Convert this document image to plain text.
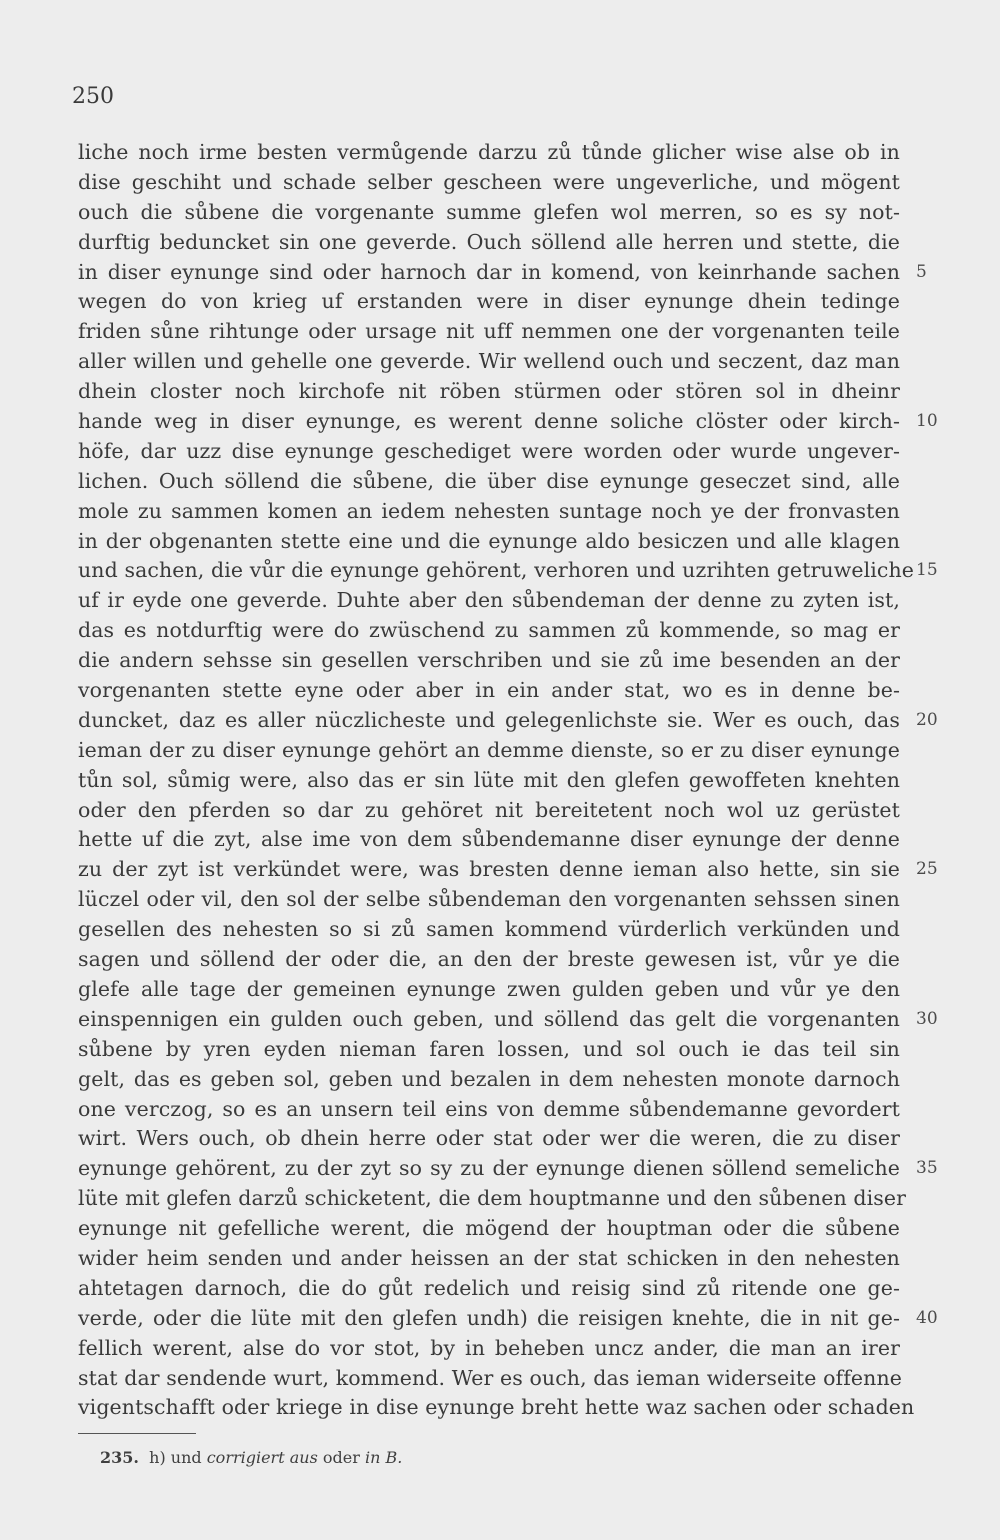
250
liche noch irme besten vermůgende darzu zů tůnde glicher wise alse ob in
dise geschiht und schade selber gescheen were ungeverliche, und mögent
ouch die sůbene die vorgenante summe glefen wol merren, so es sy not-
durftig beduncket sin one geverde. Ouch söllend alle herren und stette, die
in diser eynunge sind oder harnoch dar in komend, von keinrhande sachen 5
wegen do von krieg uf erstanden were in diser eynunge dhein tedinge
friden sůne rihtunge oder ursage nit uff nemmen one der vorgenanten teile
aller willen und gehelle one geverde. Wir wellend ouch und seczent, daz man
dhein closter noch kirchofe nit röben stürmen oder stören sol in dheinr
hande weg in diser eynunge, es werent denne soliche clöster oder kirch- 10
höfe, dar uzz dise eynunge geschediget were worden oder wurde ungever-
lichen. Ouch söllend die sůbene, die über dise eynunge geseczet sind, alle
mole zu sammen komen an iedem nehesten suntage noch ye der fronvasten
in der obgenanten stette eine und die eynunge aldo besiczen und alle klagen
und sachen, die vůr die eynunge gehörent, verhoren und uzrihten getruweliche 15
uf ir eyde one geverde. Duhte aber den sůbendeman der denne zu zyten ist,
das es notdurftig were do zwüschend zu sammen zů kommende, so mag er
die andern sehsse sin gesellen verschriben und sie zů ime besenden an der
vorgenanten stette eyne oder aber in ein ander stat, wo es in denne be-
duncket, daz es aller nüczlicheste und gelegenlichste sie. Wer es ouch, das 20
ieman der zu diser eynunge gehört an demme dienste, so er zu diser eynunge
tůn sol, sůmig were, also das er sin lüte mit den glefen gewoffeten knehten
oder den pferden so dar zu gehöret nit bereitetent noch wol uz gerüstet
hette uf die zyt, alse ime von dem sůbendemanne diser eynunge der denne
zu der zyt ist verkündet were, was bresten denne ieman also hette, sin sie 25
lüczel oder vil, den sol der selbe sůbendeman den vorgenanten sehssen sinen
gesellen des nehesten so si zů samen kommend vürderlich verkünden und
sagen und söllend der oder die, an den der breste gewesen ist, vůr ye die
glefe alle tage der gemeinen eynunge zwen gulden geben und vůr ye den
einspennigen ein gulden ouch geben, und söllend das gelt die vorgenanten 30
sůbene by yren eyden nieman faren lossen, und sol ouch ie das teil sin
gelt, das es geben sol, geben und bezalen in dem nehesten monote darnoch
one verczog, so es an unsern teil eins von demme sůbendemanne gevordert
wirt. Wers ouch, ob dhein herre oder stat oder wer die weren, die zu diser
eynunge gehörent, zu der zyt so sy zu der eynunge dienen söllend semeliche 35
lüte mit glefen darzů schicketent, die dem houptmanne und den sůbenen diser
eynunge nit gefelliche werent, die mögend der houptman oder die sůbene
wider heim senden und ander heissen an der stat schicken in den nehesten
ahtetagen darnoch, die do gůt redelich und reisig sind zů ritende one ge-
verde, oder die lüte mit den glefen undh) die reisigen knehte, die in nit ge- 40
fellich werent, alse do vor stot, by in beheben uncz ander, die man an irer
stat dar sendende wurt, kommend. Wer es ouch, das ieman widerseite offenne
vigentschafft oder kriege in dise eynunge breht hette waz sachen oder schaden
235. h) und corrigiert aus oder in B.
